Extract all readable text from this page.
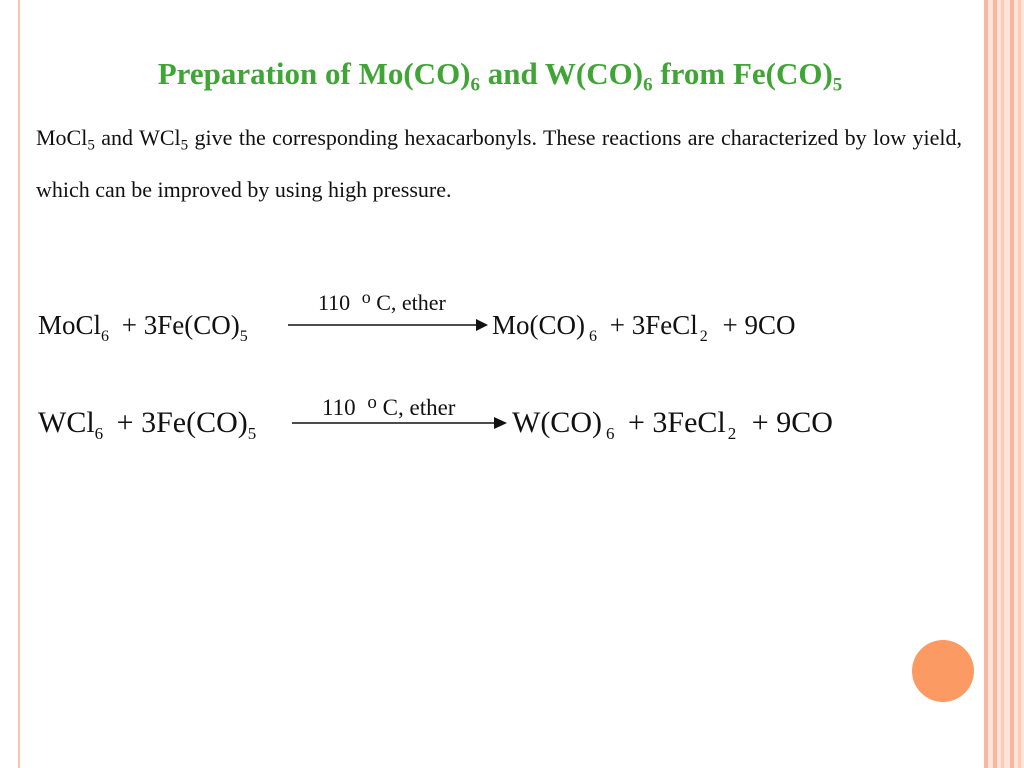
Preparation of $Mo(CO)_6$ and $W(CO)_6$ from $Fe(CO)_5$
MoCl$_5$ and WCl$_5$ give the corresponding hexacarbonyls. These reactions are characterized by low yield, which can be improved by using high pressure.
110 $^o$ C, ether
MoCl$_6$ + $3Fe(CO)_5$	Mo(CO) $_6$ + 3FeCl $_2$ + 9CO
110 $^o$ C, ether
$WCl_6 + 3Fe(CO)_5$	W(CO) $_6$ + 3FeCl $_2$ + 9CO
